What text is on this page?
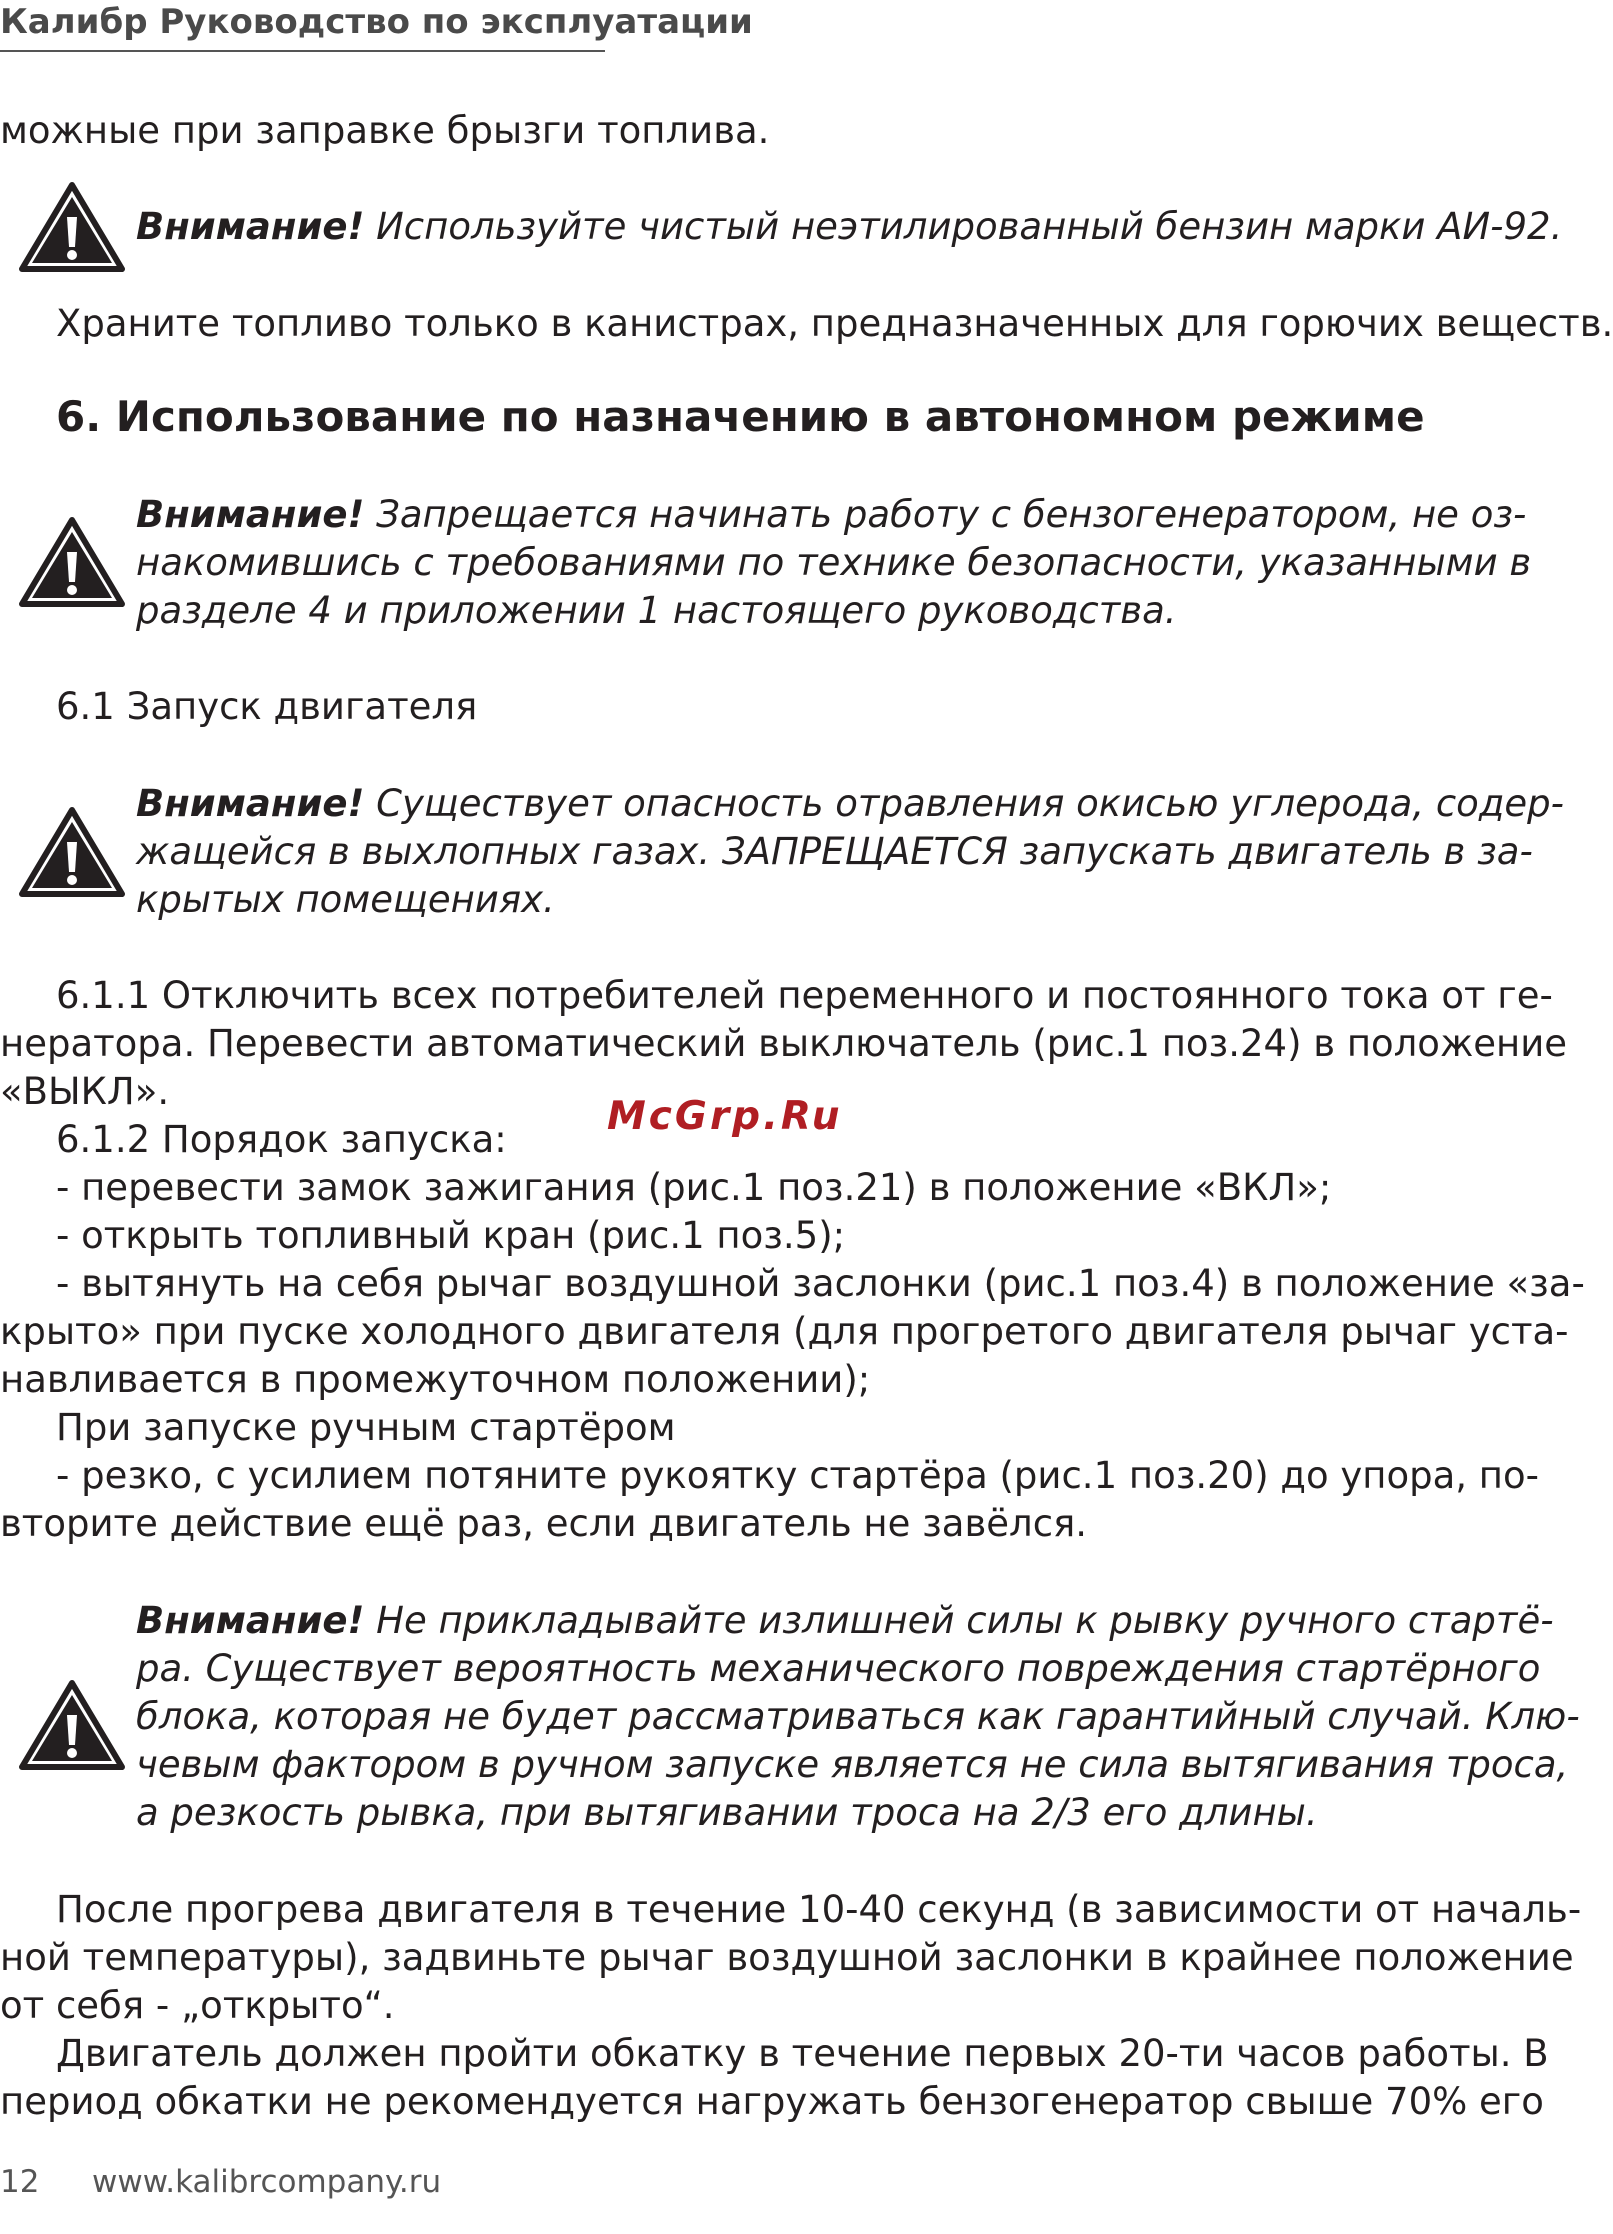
Калибр Руководство по эксплуатации
можные при заправке брызги топлива.
Внимание! Используйте чистый неэтилированный бензин марки АИ-92.
Храните топливо только в канистрах, предназначенных для горючих веществ.
6. Использование по назначению в автономном режиме
Внимание! Запрещается начинать работу с бензогенератором, не оз-
накомившись с требованиями по технике безопасности, указанными в
разделе 4 и приложении 1 настоящего руководства.
6.1 Запуск двигателя
Внимание! Существует опасность отравления окисью углерода, содер-
жащейся в выхлопных газах. ЗАПРЕЩАЕТСЯ запускать двигатель в за-
крытых помещениях.
6.1.1 Отключить всех потребителей переменного и постоянного тока от ге-
нератора. Перевести автоматический выключатель (рис.1 поз.24) в положение
«ВЫКЛ».
6.1.2 Порядок запуска:
- перевести замок зажигания (рис.1 поз.21) в положение «ВКЛ»;
- открыть топливный кран (рис.1 поз.5);
- вытянуть на себя рычаг воздушной заслонки (рис.1 поз.4) в положение «за-
крыто» при пуске холодного двигателя (для прогретого двигателя рычаг уста-
навливается в промежуточном положении);
При запуске ручным стартёром
- резко, с усилием потяните рукоятку стартёра (рис.1 поз.20) до упора, по-
вторите действие ещё раз, если двигатель не завёлся.
McGrp.Ru
Внимание! Не прикладывайте излишней силы к рывку ручного стартё-
ра. Существует вероятность механического повреждения стартёрного
блока, которая не будет рассматриваться как гарантийный случай. Клю-
чевым фактором в ручном запуске является не сила вытягивания троса,
а резкость рывка, при вытягивании троса на 2/3 его длины.
После прогрева двигателя в течение 10-40 секунд (в зависимости от началь-
ной температуры), задвиньте рычаг воздушной заслонки в крайнее положение
от себя - „открыто“.
Двигатель должен пройти обкатку в течение первых 20-ти часов работы. В
период обкатки не рекомендуется нагружать бензогенератор свыше 70% его
12 www.kalibrcompany.ru
